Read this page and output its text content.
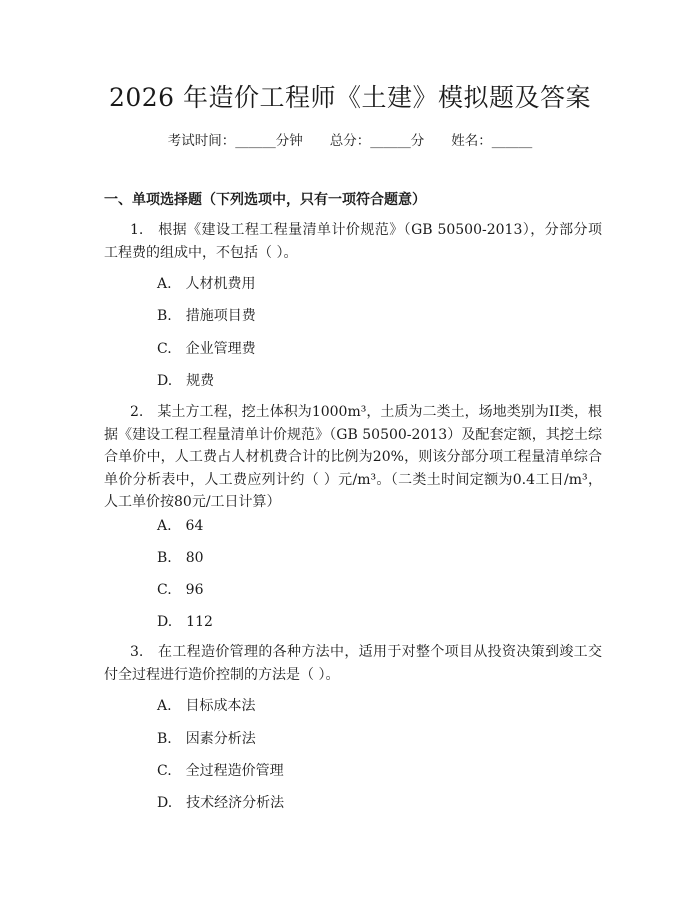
2026 年造价工程师《土建》模拟题及答案
考试时间：______分钟　　总分：______分　　姓名：______
一、单项选择题（下列选项中，只有一项符合题意）
1.　根据《建设工程工程量清单计价规范》（GB 50500-2013），分部分项工程费的组成中，不包括（ ）。
A.　人材机费用
B.　措施项目费
C.　企业管理费
D.　规费
2.　某土方工程，挖土体积为1000m³，土质为二类土，场地类别为II类，根据《建设工程工程量清单计价规范》（GB 50500-2013）及配套定额，其挖土综合单价中，人工费占人材机费合计的比例为20%，则该分部分项工程量清单综合单价分析表中，人工费应列计约（ ）元/m³。（二类土时间定额为0.4工日/m³，人工单价按80元/工日计算）
A.　64
B.　80
C.　96
D.　112
3.　在工程造价管理的各种方法中，适用于对整个项目从投资决策到竣工交付全过程进行造价控制的方法是（ ）。
A.　目标成本法
B.　因素分析法
C.　全过程造价管理
D.　技术经济分析法
